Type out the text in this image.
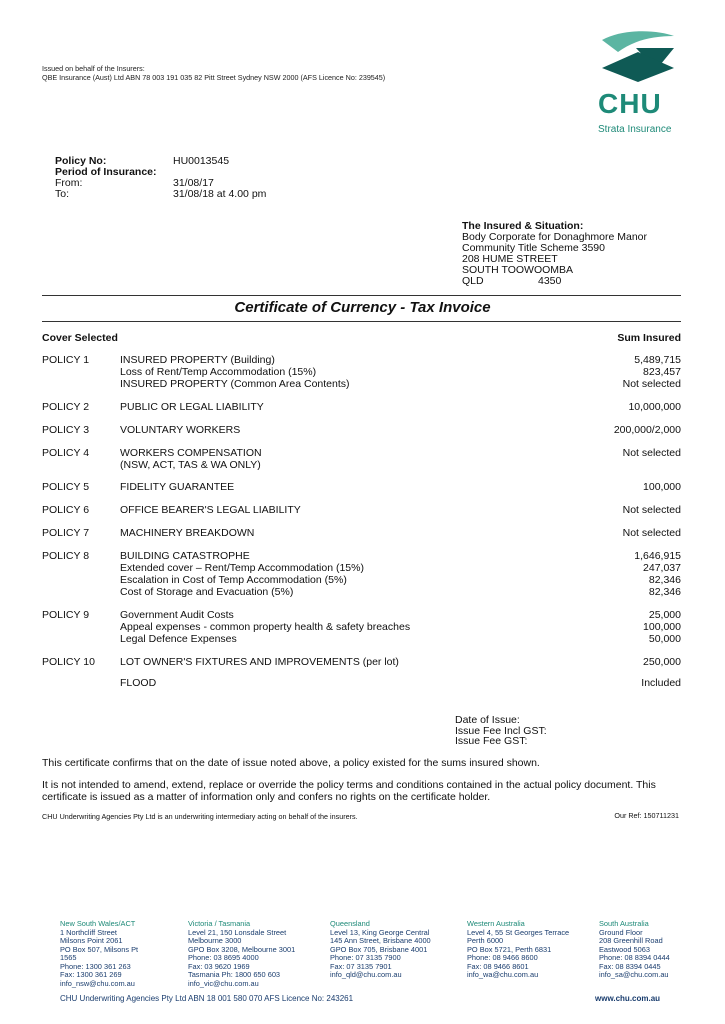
Issued on behalf of the Insurers:
QBE Insurance (Aust) Ltd ABN 78 003 191 035 82 Pitt Street Sydney NSW 2000 (AFS Licence No: 239545)
CHU
Strata Insurance
Policy No:	HU0013545
Period of Insurance:
From:	31/08/17
To:	31/08/18 at 4.00 pm
The Insured & Situation:
Body Corporate for Donaghmore Manor
Community Title Scheme 3590
208 HUME STREET
SOUTH TOOWOOMBA
QLD	4350
Certificate of Currency - Tax Invoice
Cover Selected	Sum Insured
POLICY 1	INSURED PROPERTY (Building)	5,489,715
Loss of Rent/Temp Accommodation (15%)	823,457
INSURED PROPERTY (Common Area Contents)	Not selected
POLICY 2	PUBLIC OR LEGAL LIABILITY	10,000,000
POLICY 3	VOLUNTARY WORKERS	200,000/2,000
POLICY 4	WORKERS COMPENSATION	Not selected
(NSW, ACT, TAS & WA ONLY)
POLICY 5	FIDELITY GUARANTEE	100,000
POLICY 6	OFFICE BEARER'S LEGAL LIABILITY	Not selected
POLICY 7	MACHINERY BREAKDOWN	Not selected
POLICY 8	BUILDING CATASTROPHE	1,646,915
Extended cover – Rent/Temp Accommodation (15%)	247,037
Escalation in Cost of Temp Accommodation (5%)	82,346
Cost of Storage and Evacuation (5%)	82,346
POLICY 9	Government Audit Costs	25,000
Appeal expenses - common property health & safety breaches	100,000
Legal Defence Expenses	50,000
POLICY 10	LOT OWNER'S FIXTURES AND IMPROVEMENTS (per lot)	250,000
FLOOD	Included
Date of Issue:
Issue Fee Incl GST:
Issue Fee GST:
This certificate confirms that on the date of issue noted above, a policy existed for the sums insured shown.
It is not intended to amend, extend, replace or override the policy terms and conditions contained in the actual policy document. This certificate is issued as a matter of information only and confers no rights on the certificate holder.
CHU Underwriting Agencies Pty Ltd is an underwriting intermediary acting on behalf of the insurers.	Our Ref: 150711231
New South Wales/ACT
1 Northcliff Street
Milsons Point 2061
PO Box 507, Milsons Pt
1565
Phone: 1300 361 263
Fax: 1300 361 269
info_nsw@chu.com.au
Victoria / Tasmania
Level 21, 150 Lonsdale Street
Melbourne 3000
GPO Box 3208, Melbourne 3001
Phone: 03 8695 4000
Fax: 03 9620 1969
Tasmania Ph: 1800 650 603
info_vic@chu.com.au
Queensland
Level 13, King George Central
145 Ann Street, Brisbane 4000
GPO Box 705, Brisbane 4001
Phone: 07 3135 7900
Fax: 07 3135 7901
info_qld@chu.com.au
Western Australia
Level 4, 55 St Georges Terrace
Perth 6000
PO Box 5721, Perth 6831
Phone: 08 9466 8600
Fax: 08 9466 8601
info_wa@chu.com.au
South Australia
Ground Floor
208 Greenhill Road
Eastwood 5063
Phone: 08 8394 0444
Fax: 08 8394 0445
info_sa@chu.com.au
CHU Underwriting Agencies Pty Ltd ABN 18 001 580 070 AFS Licence No: 243261	www.chu.com.au
